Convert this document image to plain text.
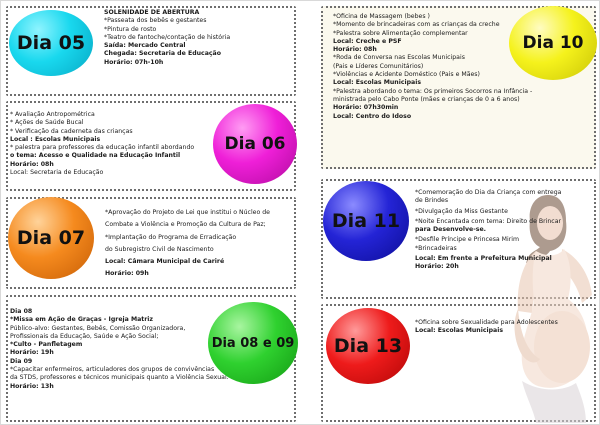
Dia 05
SOLENIDADE DE ABERTURA
*Passeata dos bebês e gestantes
*Pintura de rosto
*Teatro de fantoche/contação de história
Saída: Mercado Central
Chegada: Secretaria de Educação
Horário: 07h-10h
* Avaliação Antropométrica
* Ações de Saúde Bucal
* Verificação da caderneta das crianças
Local : Escolas Municipais
* palestra para professores da educação infantil abordando
o tema: Acesso e Qualidade na Educação Infantil
Horário: 08h
Local: Secretaria de Educação
Dia 06
Dia 07
*Aprovação do Projeto de Lei que institui o Núcleo de
Combate a Violência e Promoção da Cultura de Paz;
*Implantação do Programa de Erradicação
do Subregistro Civil de Nascimento
Local: Câmara Municipal de Cariré
Horário: 09h
Dia 08
*Missa em Ação de Graças - Igreja Matriz
Público-alvo: Gestantes, Bebês, Comissão Organizadora,
Profissionais da Educação, Saúde e Ação Social;
*Culto - Panfletagem
Horário: 19h
Dia 09
*Capacitar enfermeiros, articuladores dos grupos de convivências
da STDS, professores e técnicos municipais quanto a Violência Sexual.
Horário: 13h
Dia 08 e 09
*Oficina de Massagem (bebes )
*Momento de brincadeiras com as crianças da creche
*Palestra sobre Alimentação complementar
Local: Creche e PSF
Horário: 08h
*Roda de Conversa nas Escolas Municipais
(Pais e Líderes Comunitários)
*Violências e Acidente Doméstico (Pais e Mães)
Local: Escolas Municipais
*Palestra abordando o tema: Os primeiros Socorros na Infância -
ministrada pelo Cabo Ponte (mães e crianças de 0 a 6 anos)
Horário: 07h30min
Local: Centro do Idoso
Dia 10
Dia 11
Dia 13
*Comemoração do Dia da Criança com entrega
de Brindes
*Divulgação da Miss Gestante
*Noite Encantada com tema: Direito de Brincar
para Desenvolve-se.
*Desfile Príncipe e Princesa Mirim
*Brincadeiras
Local: Em frente a Prefeitura Municipal
Horário: 20h
*Oficina sobre Sexualidade para Adolescentes
Local: Escolas Municipais
